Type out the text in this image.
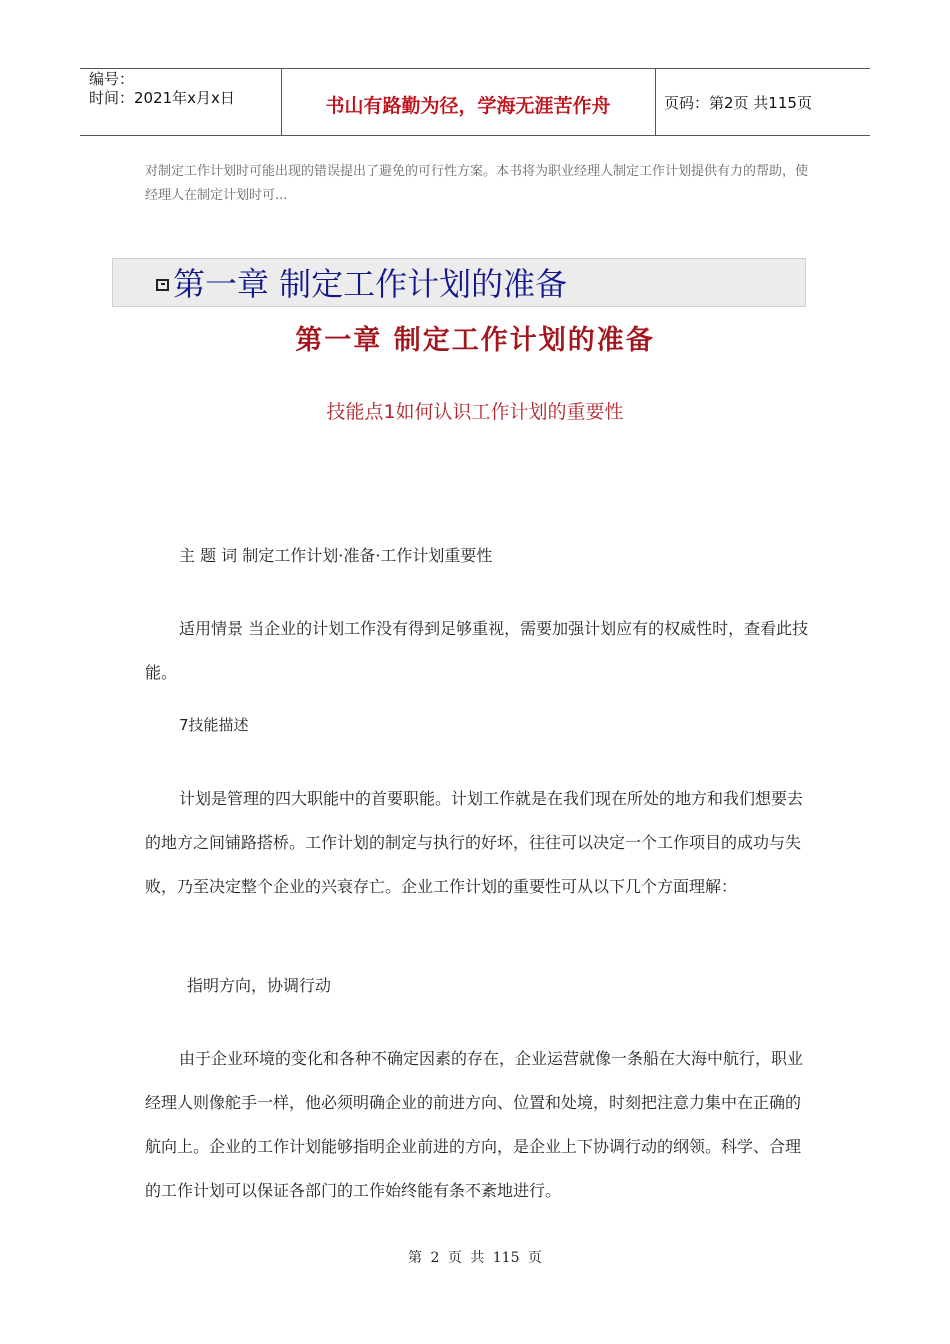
编号：
时间：2021年x月x日	书山有路勤为径，学海无涯苦作舟	页码：第2页 共115页
对制定工作计划时可能出现的错误提出了避免的可行性方案。本书将为职业经理人制定工作计划提供有力的帮助，使经理人在制定计划时可...
第一章 制定工作计划的准备
第一章 制定工作计划的准备
技能点1如何认识工作计划的重要性
主 题 词 制定工作计划·准备·工作计划重要性
适用情景 当企业的计划工作没有得到足够重视，需要加强计划应有的权威性时，查看此技能。
7技能描述
计划是管理的四大职能中的首要职能。计划工作就是在我们现在所处的地方和我们想要去的地方之间铺路搭桥。工作计划的制定与执行的好坏，往往可以决定一个工作项目的成功与失败，乃至决定整个企业的兴衰存亡。企业工作计划的重要性可从以下几个方面理解：
指明方向，协调行动
由于企业环境的变化和各种不确定因素的存在，企业运营就像一条船在大海中航行，职业经理人则像舵手一样，他必须明确企业的前进方向、位置和处境，时刻把注意力集中在正确的航向上。企业的工作计划能够指明企业前进的方向，是企业上下协调行动的纲领。科学、合理的工作计划可以保证各部门的工作始终能有条不紊地进行。
第 2 页 共 115 页
